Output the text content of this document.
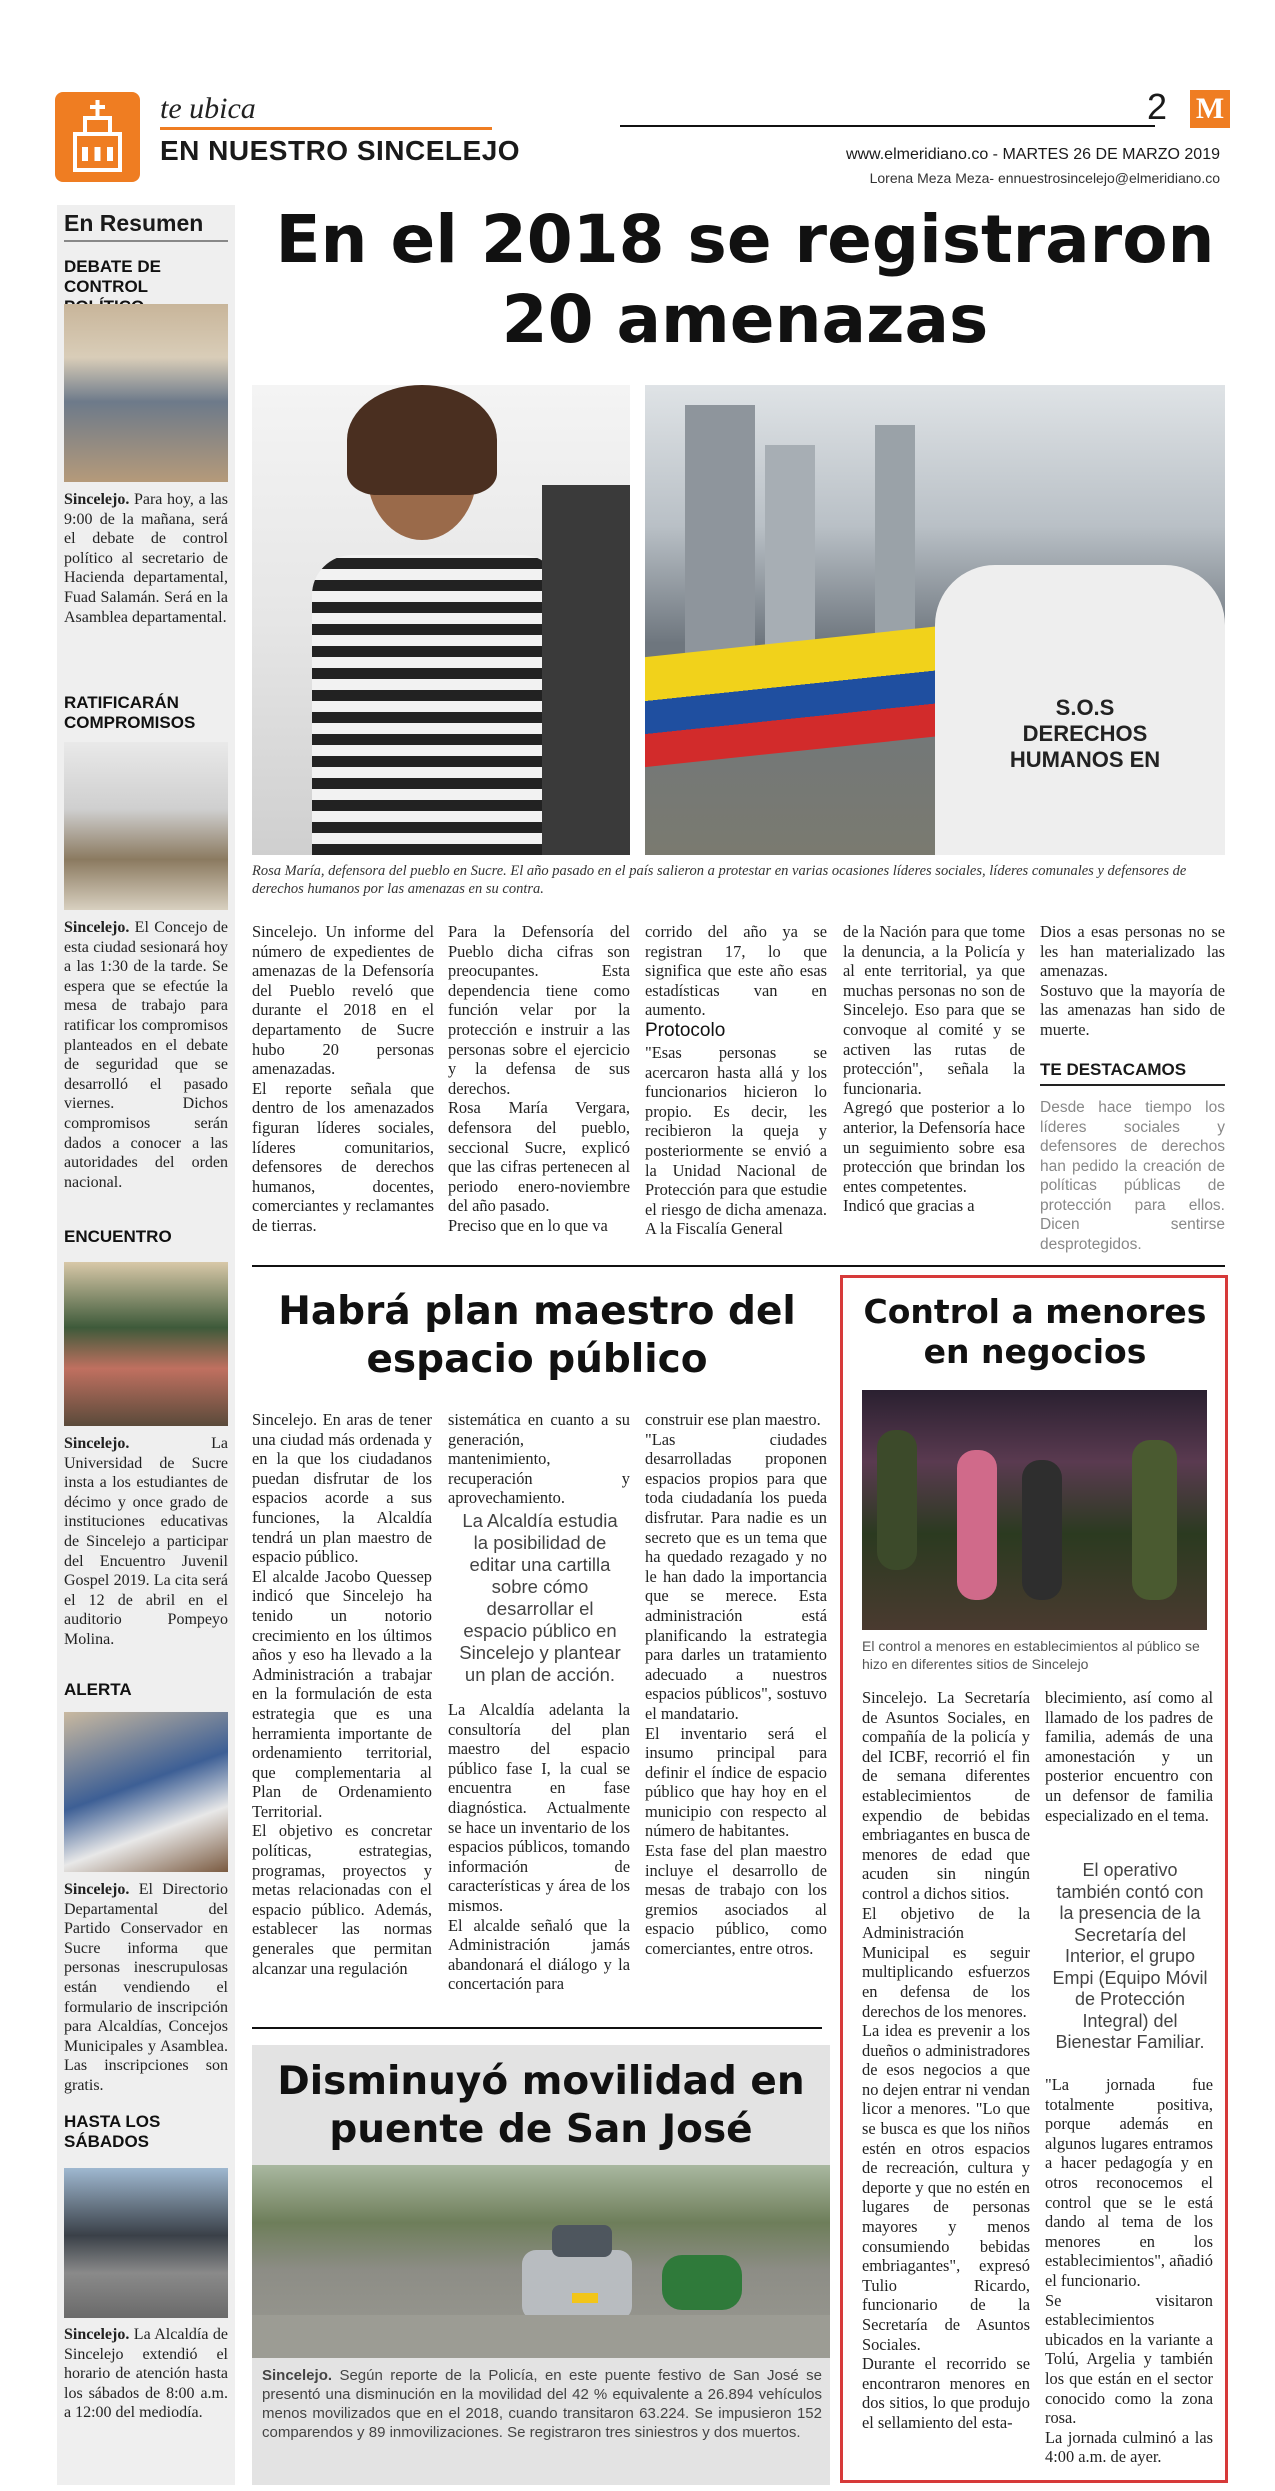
te ubica
EN NUESTRO SINCELEJO
2 M
www.elmeridiano.co - MARTES 26 DE MARZO 2019
Lorena Meza Meza- ennuestrosincelejo@elmeridiano.co
En Resumen
DEBATE DE CONTROL
Sincelejo. Para hoy, a las 9:00 de la mañana, será el debate de control político al secretario de Hacienda departamental, Fuad Salamán. Será en la Asamblea departamental.
RATIFICARÁN COMPROMISOS
Sincelejo. El Concejo de esta ciudad sesionará hoy a las 1:30 de la tarde. Se espera que se efectúe la mesa de trabajo para ratificar los compromisos planteados en el debate de seguridad que se desarrolló el pasado viernes. Dichos compromisos serán dados a conocer a las autoridades del orden nacional.
ENCUENTRO
Sincelejo.	La Universidad de Sucre insta a los estudiantes de décimo y once grado de instituciones educativas de Sincelejo a participar del Encuentro Juvenil Gospel 2019. La cita será el 12 de abril en el auditorio Pompeyo Molina.
ALERTA
Sincelejo. El Directorio Departamental del Partido Conservador en Sucre informa que personas inescrupulosas están vendiendo el formulario de inscripción para Alcaldías, Concejos Municipales y Asamblea. Las inscripciones son gratis.
HASTA LOS SÁBADOS
Sincelejo. La Alcaldía de Sincelejo extendió el horario de atención hasta los sábados de 8:00 a.m. a 12:00 del mediodía.
En el 2018 se registraron 20 amenazas
S.O.S DERECHOS HUMANOS EN
Rosa María, defensora del pueblo en Sucre. El año pasado en el país salieron a protestar en varias ocasiones líderes sociales, líderes comunales y defensores de derechos humanos por las amenazas en su contra.
Sincelejo. Un informe del número de expedientes de amenazas de la Defensoría del Pueblo reveló que durante el 2018 en el departamento de Sucre hubo 20 personas amenazadas.
El reporte señala que dentro de los amenazados figuran líderes sociales, líderes comunitarios, defensores de derechos humanos, docentes, comerciantes y reclamantes de tierras.
Para la Defensoría del Pueblo dicha cifras son preocupantes. Esta dependencia tiene como función velar por la protección e instruir a las personas sobre el ejercicio y la defensa de sus derechos.
Rosa María Vergara, defensora del pueblo, seccional Sucre, explicó que las cifras pertenecen al periodo enero-noviembre del año pasado.
Preciso que en lo que va
corrido del año ya se registran 17, lo que significa que este año esas estadísticas van en aumento.
Protocolo
"Esas personas se acercaron hasta allá y los funcionarios hicieron lo propio. Es decir, les recibieron la queja y posteriormente se envió a la Unidad Nacional de Protección para que estudie el riesgo de dicha amenaza. A la Fiscalía General
de la Nación para que tome la denuncia, a la Policía y al ente territorial, ya que muchas personas no son de Sincelejo. Eso para que se convoque al comité y se activen las rutas de protección", señala la funcionaria.
Agregó que posterior a lo anterior, la Defensoría hace un seguimiento sobre esa protección que brindan los entes competentes.
Indicó que gracias a
Dios a esas personas no se les han materializado las amenazas.
Sostuvo que la mayoría de las amenazas han sido de muerte.
TE DESTACAMOS
Desde hace tiempo los líderes sociales y defensores de derechos han pedido la creación de políticas públicas de protección para ellos. Dicen sentirse desprotegidos.
Habrá plan maestro del espacio público
Sincelejo. En aras de tener una ciudad más ordenada y en la que los ciudadanos puedan disfrutar de los espacios acorde a sus funciones, la Alcaldía tendrá un plan maestro de espacio público.
El alcalde Jacobo Quessep indicó que Sincelejo ha tenido un notorio crecimiento en los últimos años y eso ha llevado a la Administración a trabajar en la formulación de esta estrategia que es una herramienta importante de ordenamiento territorial, que complementaria al Plan de Ordenamiento Territorial.
El objetivo es concretar políticas, estrategias, programas, proyectos y metas relacionadas con el espacio público. Además, establecer las normas generales que permitan alcanzar una regulación
sistemática en cuanto a su generación, mantenimiento, recuperación y aprovechamiento.
La Alcaldía estudia la posibilidad de editar una cartilla sobre cómo desarrollar el espacio público en Sincelejo y plantear un plan de acción.
La Alcaldía adelanta la consultoría del plan maestro del espacio público fase I, la cual se encuentra en fase diagnóstica. Actualmente se hace un inventario de los espacios públicos, tomando información de características y área de los mismos.
El alcalde señaló que la Administración jamás abandonará el diálogo y la concertación para
construir ese plan maestro.
"Las ciudades desarrolladas proponen espacios propios para que toda ciudadanía los pueda disfrutar. Para nadie es un secreto que es un tema que ha quedado rezagado y no le han dado la importancia que se merece. Esta administración está planificando la estrategia para darles un tratamiento adecuado a nuestros espacios públicos", sostuvo el mandatario.
El inventario será el insumo principal para definir el índice de espacio público que hay hoy en el municipio con respecto al número de habitantes.
Esta fase del plan maestro incluye el desarrollo de mesas de trabajo con los gremios asociados al espacio público, como comerciantes, entre otros.
Disminuyó movilidad en puente de San José
Sincelejo. Según reporte de la Policía, en este puente festivo de San José se presentó una disminución en la movilidad del 42 % equivalente a 26.894 vehículos menos movilizados que en el 2018, cuando transitaron 63.224. Se impusieron 152 comparendos y 89 inmovilizaciones. Se registraron tres siniestros y dos muertos.
Control a menores en negocios
El control a menores en establecimientos al público se hizo en diferentes sitios de Sincelejo
Sincelejo. La Secretaría de Asuntos Sociales, en compañía de la policía y del ICBF, recorrió el fin de semana diferentes establecimientos de expendio de bebidas embriagantes en busca de menores de edad que acuden sin ningún control a dichos sitios.
El objetivo de la Administración Municipal es seguir multiplicando esfuerzos en defensa de los derechos de los menores.
La idea es prevenir a los dueños o administradores de esos negocios a que no dejen entrar ni vendan licor a menores. "Lo que se busca es que los niños estén en otros espacios de recreación, cultura y deporte y que no estén en lugares de personas mayores y menos consumiendo bebidas embriagantes", expresó Tulio Ricardo, funcionario de la Secretaría de Asuntos Sociales.
Durante el recorrido se encontraron menores en dos sitios, lo que produjo el sellamiento del esta-
blecimiento, así como al llamado de los padres de familia, además de una amonestación y un posterior encuentro con un defensor de familia especializado en el tema.
El operativo también contó con la presencia de la Secretaría del Interior, el grupo Empi (Equipo Móvil de Protección Integral) del Bienestar Familiar.
"La jornada fue totalmente positiva, porque además en algunos lugares entramos a hacer pedagogía y en otros reconocemos el control que se le está dando al tema de los menores en los establecimientos", añadió el funcionario.
Se visitaron establecimientos ubicados en la variante a Tolú, Argelia y también los que están en el sector conocido como la zona rosa.
La jornada culminó a las 4:00 a.m. de ayer.
